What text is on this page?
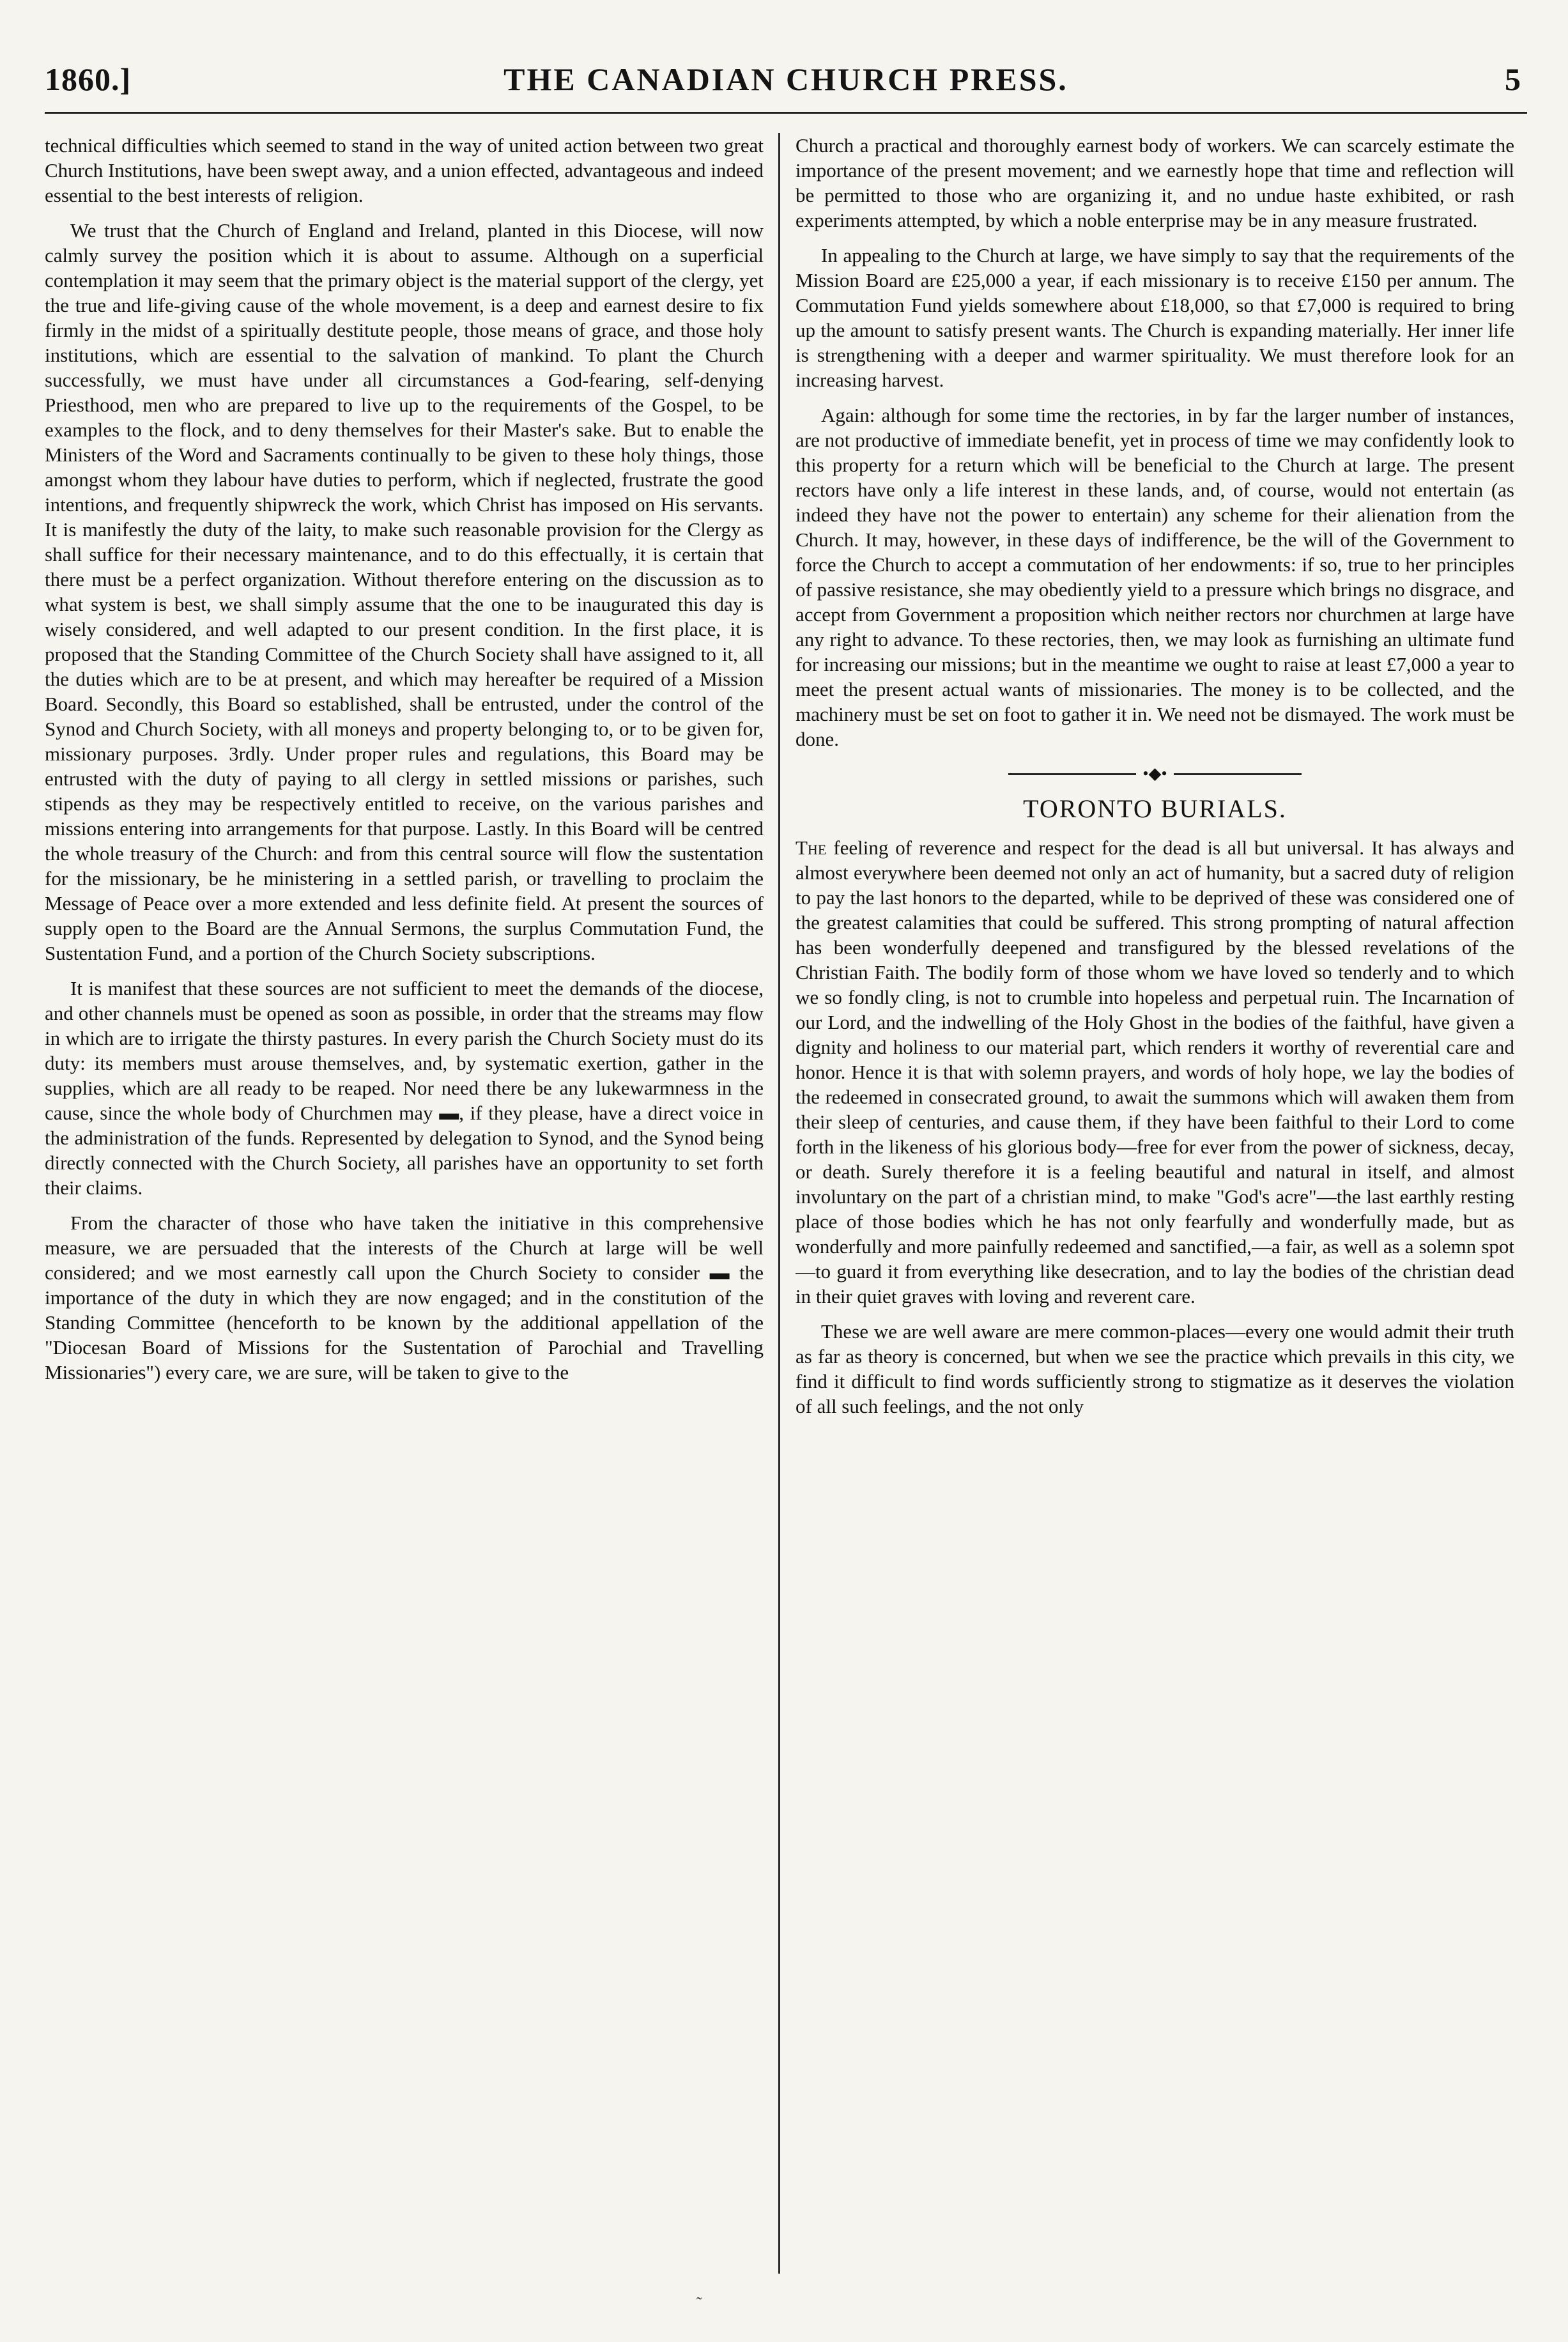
1860.]	THE CANADIAN CHURCH PRESS.	5

technical difficulties which seemed to stand in the way of united action between two great Church Institutions, have been swept away, and a union effected, advantageous and indeed essential to the best interests of religion.

We trust that the Church of England and Ireland, planted in this Diocese, will now calmly survey the position which it is about to assume. Although on a superficial contemplation it may seem that the primary object is the material support of the clergy, yet the true and life-giving cause of the whole movement, is a deep and earnest desire to fix firmly in the midst of a spiritually destitute people, those means of grace, and those holy institutions, which are essential to the salvation of mankind. To plant the Church successfully, we must have under all circumstances a God-fearing, self-denying Priesthood, men who are prepared to live up to the requirements of the Gospel, to be examples to the flock, and to deny themselves for their Master's sake. But to enable the Ministers of the Word and Sacraments continually to be given to these holy things, those amongst whom they labour have duties to perform, which if neglected, frustrate the good intentions, and frequently shipwreck the work, which Christ has imposed on His servants. It is manifestly the duty of the laity, to make such reasonable provision for the Clergy as shall suffice for their necessary maintenance, and to do this effectually, it is certain that there must be a perfect organization. Without therefore entering on the discussion as to what system is best, we shall simply assume that the one to be inaugurated this day is wisely considered, and well adapted to our present condition. In the first place, it is proposed that the Standing Committee of the Church Society shall have assigned to it, all the duties which are to be at present, and which may hereafter be required of a Mission Board. Secondly, this Board so established, shall be entrusted, under the control of the Synod and Church Society, with all moneys and property belonging to, or to be given for, missionary purposes. 3rdly. Under proper rules and regulations, this Board may be entrusted with the duty of paying to all clergy in settled missions or parishes, such stipends as they may be respectively entitled to receive, on the various parishes and missions entering into arrangements for that purpose. Lastly. In this Board will be centred the whole treasury of the Church: and from this central source will flow the sustentation for the missionary, be he ministering in a settled parish, or travelling to proclaim the Message of Peace over a more extended and less definite field. At present the sources of supply open to the Board are the Annual Sermons, the surplus Commutation Fund, the Sustentation Fund, and a portion of the Church Society subscriptions.

It is manifest that these sources are not sufficient to meet the demands of the diocese, and other channels must be opened as soon as possible, in order that the streams may flow in which are to irrigate the thirsty pastures. In every parish the Church Society must do its duty: its members must arouse themselves, and, by systematic exertion, gather in the supplies, which are all ready to be reaped. Nor need there be any lukewarmness in the cause, since the whole body of Churchmen may ▬, if they please, have a direct voice in the administration of the funds. Represented by delegation to Synod, and the Synod being directly connected with the Church Society, all parishes have an opportunity to set forth their claims.

From the character of those who have taken the initiative in this comprehensive measure, we are persuaded that the interests of the Church at large will be well considered; and we most earnestly call upon the Church Society to consider ▬ the importance of the duty in which they are now engaged; and in the constitution of the Standing Committee (henceforth to be known by the additional appellation of the "Diocesan Board of Missions for the Sustentation of Parochial and Travelling Missionaries") every care, we are sure, will be taken to give to the

Church a practical and thoroughly earnest body of workers. We can scarcely estimate the importance of the present movement; and we earnestly hope that time and reflection will be permitted to those who are organizing it, and no undue haste exhibited, or rash experiments attempted, by which a noble enterprise may be in any measure frustrated.

In appealing to the Church at large, we have simply to say that the requirements of the Mission Board are £25,000 a year, if each missionary is to receive £150 per annum. The Commutation Fund yields somewhere about £18,000, so that £7,000 is required to bring up the amount to satisfy present wants. The Church is expanding materially. Her inner life is strengthening with a deeper and warmer spirituality. We must therefore look for an increasing harvest.

Again: although for some time the rectories, in by far the larger number of instances, are not productive of immediate benefit, yet in process of time we may confidently look to this property for a return which will be beneficial to the Church at large. The present rectors have only a life interest in these lands, and, of course, would not entertain (as indeed they have not the power to entertain) any scheme for their alienation from the Church. It may, however, in these days of indifference, be the will of the Government to force the Church to accept a commutation of her endowments: if so, true to her principles of passive resistance, she may obediently yield to a pressure which brings no disgrace, and accept from Government a proposition which neither rectors nor churchmen at large have any right to advance. To these rectories, then, we may look as furnishing an ultimate fund for increasing our missions; but in the meantime we ought to raise at least £7,000 a year to meet the present actual wants of missionaries. The money is to be collected, and the machinery must be set on foot to gather it in. We need not be dismayed. The work must be done.

•◆•
TORONTO BURIALS.

The feeling of reverence and respect for the dead is all but universal. It has always and almost everywhere been deemed not only an act of humanity, but a sacred duty of religion to pay the last honors to the departed, while to be deprived of these was considered one of the greatest calamities that could be suffered. This strong prompting of natural affection has been wonderfully deepened and transfigured by the blessed revelations of the Christian Faith. The bodily form of those whom we have loved so tenderly and to which we so fondly cling, is not to crumble into hopeless and perpetual ruin. The Incarnation of our Lord, and the indwelling of the Holy Ghost in the bodies of the faithful, have given a dignity and holiness to our material part, which renders it worthy of reverential care and honor. Hence it is that with solemn prayers, and words of holy hope, we lay the bodies of the redeemed in consecrated ground, to await the summons which will awaken them from their sleep of centuries, and cause them, if they have been faithful to their Lord to come forth in the likeness of his glorious body—free for ever from the power of sickness, decay, or death. Surely therefore it is a feeling beautiful and natural in itself, and almost involuntary on the part of a christian mind, to make "God's acre"—the last earthly resting place of those bodies which he has not only fearfully and wonderfully made, but as wonderfully and more painfully redeemed and sanctified,—a fair, as well as a solemn spot—to guard it from everything like desecration, and to lay the bodies of the christian dead in their quiet graves with loving and reverent care.

These we are well aware are mere common-places—every one would admit their truth as far as theory is concerned, but when we see the practice which prevails in this city, we find it difficult to find words sufficiently strong to stigmatize as it deserves the violation of all such feelings, and the not only
